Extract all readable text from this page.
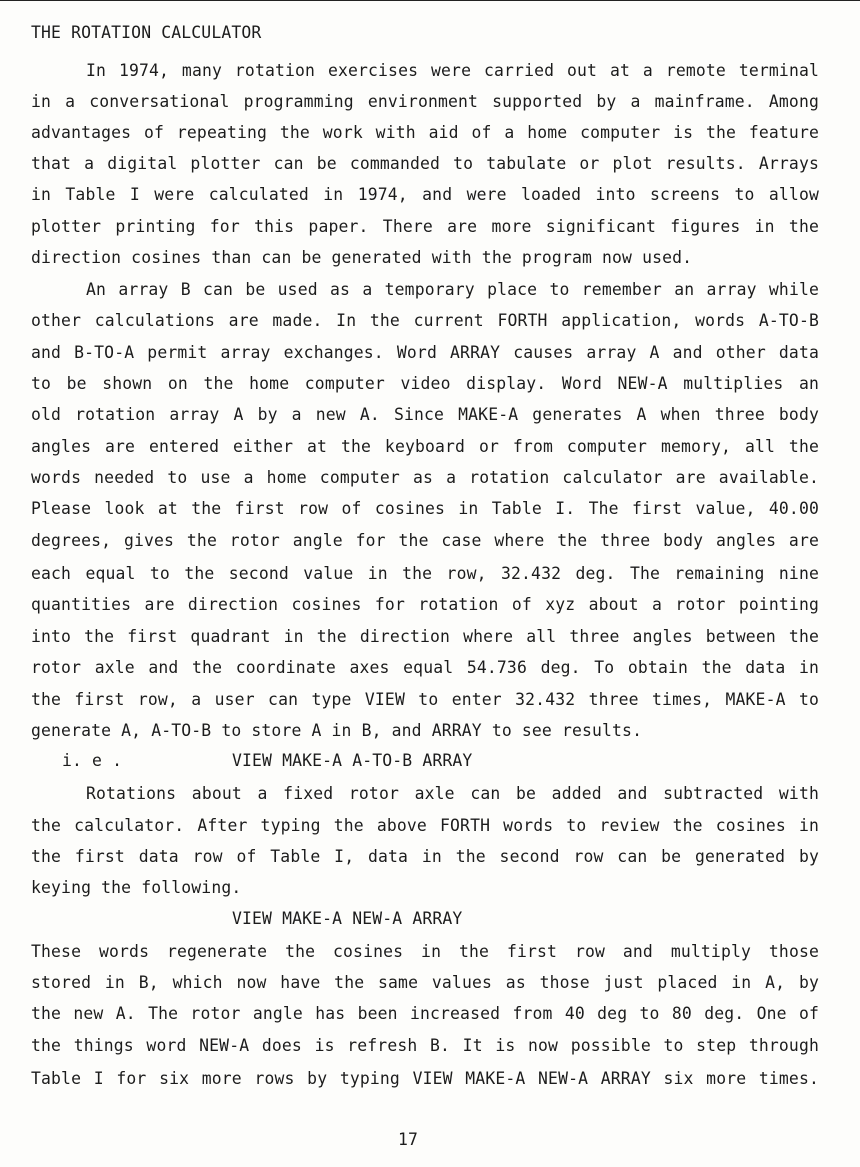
THE ROTATION CALCULATOR
In 1974, many rotation exercises were carried out at a remote terminal
in a conversational programming environment supported by a mainframe. Among
advantages of repeating the work with aid of a home computer is the feature
that a digital plotter can be commanded to tabulate or plot results. Arrays
in Table I were calculated in 1974, and were loaded into screens to allow
plotter printing for this paper. There are more significant figures in the
direction cosines than can be generated with the program now used.
An array B can be used as a temporary place to remember an array while
other calculations are made. In the current FORTH application, words A-TO-B
and B-TO-A permit array exchanges. Word ARRAY causes array A and other data
to be shown on the home computer video display. Word NEW-A multiplies an
old rotation array A by a new A. Since MAKE-A generates A when three body
angles are entered either at the keyboard or from computer memory, all the
words needed to use a home computer as a rotation calculator are available.
Please look at the first row of cosines in Table I. The first value, 40.00
degrees, gives the rotor angle for the case where the three body angles are
each equal to the second value in the row, 32.432 deg. The remaining nine
quantities are direction cosines for rotation of xyz about a rotor pointing
into the first quadrant in the direction where all three angles between the
rotor axle and the coordinate axes equal 54.736 deg. To obtain the data in
the first row, a user can type VIEW to enter 32.432 three times, MAKE-A to
generate A, A-TO-B to store A in B, and ARRAY to see results.
i. e .	VIEW MAKE-A A-TO-B ARRAY
Rotations about a fixed rotor axle can be added and subtracted with
the calculator. After typing the above FORTH words to review the cosines in
the first data row of Table I, data in the second row can be generated by
keying the following.
VIEW MAKE-A NEW-A ARRAY
These words regenerate the cosines in the first row and multiply those
stored in B, which now have the same values as those just placed in A, by
the new A. The rotor angle has been increased from 40 deg to 80 deg. One of
the things word NEW-A does is refresh B. It is now possible to step through
Table I for six more rows by typing VIEW MAKE-A NEW-A ARRAY six more times.
17
